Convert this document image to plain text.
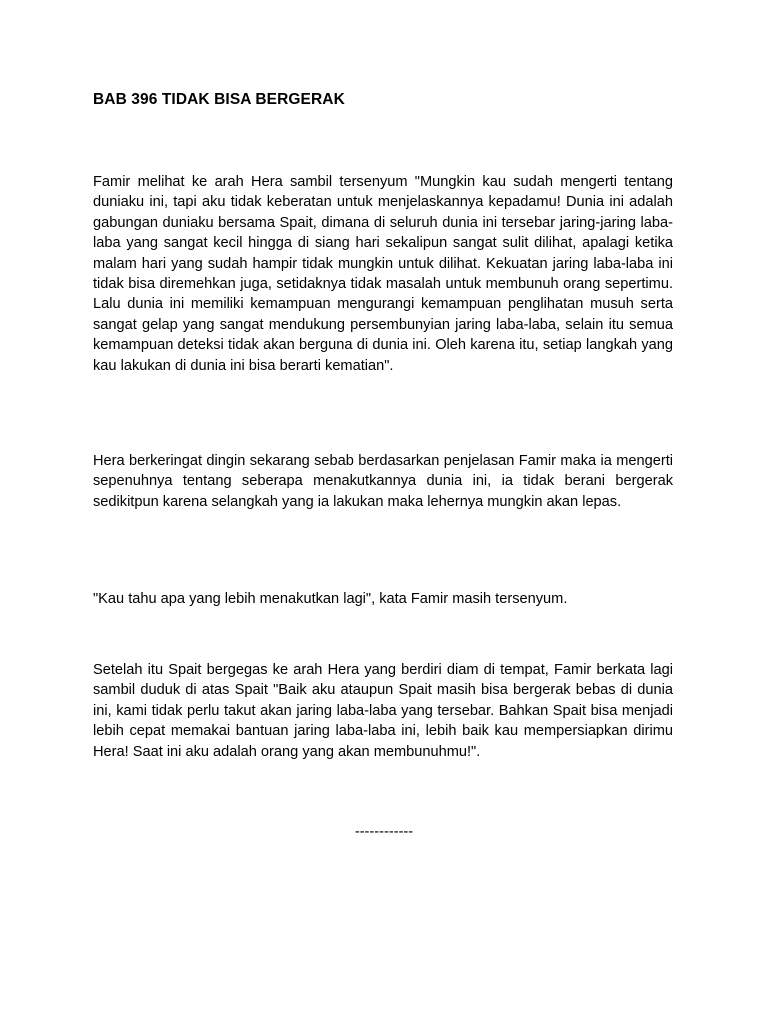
BAB 396 TIDAK BISA BERGERAK

Famir melihat ke arah Hera sambil tersenyum "Mungkin kau sudah mengerti tentang duniaku ini, tapi aku tidak keberatan untuk menjelaskannya kepadamu! Dunia ini adalah gabungan duniaku bersama Spait, dimana di seluruh dunia ini tersebar jaring-jaring laba-laba yang sangat kecil hingga di siang hari sekalipun sangat sulit dilihat, apalagi ketika malam hari yang sudah hampir tidak mungkin untuk dilihat. Kekuatan jaring laba-laba ini tidak bisa diremehkan juga, setidaknya tidak masalah untuk membunuh orang sepertimu. Lalu dunia ini memiliki kemampuan mengurangi kemampuan penglihatan musuh serta sangat gelap yang sangat mendukung persembunyian jaring laba-laba, selain itu semua kemampuan deteksi tidak akan berguna di dunia ini. Oleh karena itu, setiap langkah yang kau lakukan di dunia ini bisa berarti kematian".

Hera berkeringat dingin sekarang sebab berdasarkan penjelasan Famir maka ia mengerti sepenuhnya tentang seberapa menakutkannya dunia ini, ia tidak berani bergerak sedikitpun karena selangkah yang ia lakukan maka lehernya mungkin akan lepas.

"Kau tahu apa yang lebih menakutkan lagi", kata Famir masih tersenyum.

Setelah itu Spait bergegas ke arah Hera yang berdiri diam di tempat, Famir berkata lagi sambil duduk di atas Spait "Baik aku ataupun Spait masih bisa bergerak bebas di dunia ini, kami tidak perlu takut akan jaring laba-laba yang tersebar. Bahkan Spait bisa menjadi lebih cepat memakai bantuan jaring laba-laba ini, lebih baik kau mempersiapkan dirimu Hera! Saat ini aku adalah orang yang akan membunuhmu!".

------------
